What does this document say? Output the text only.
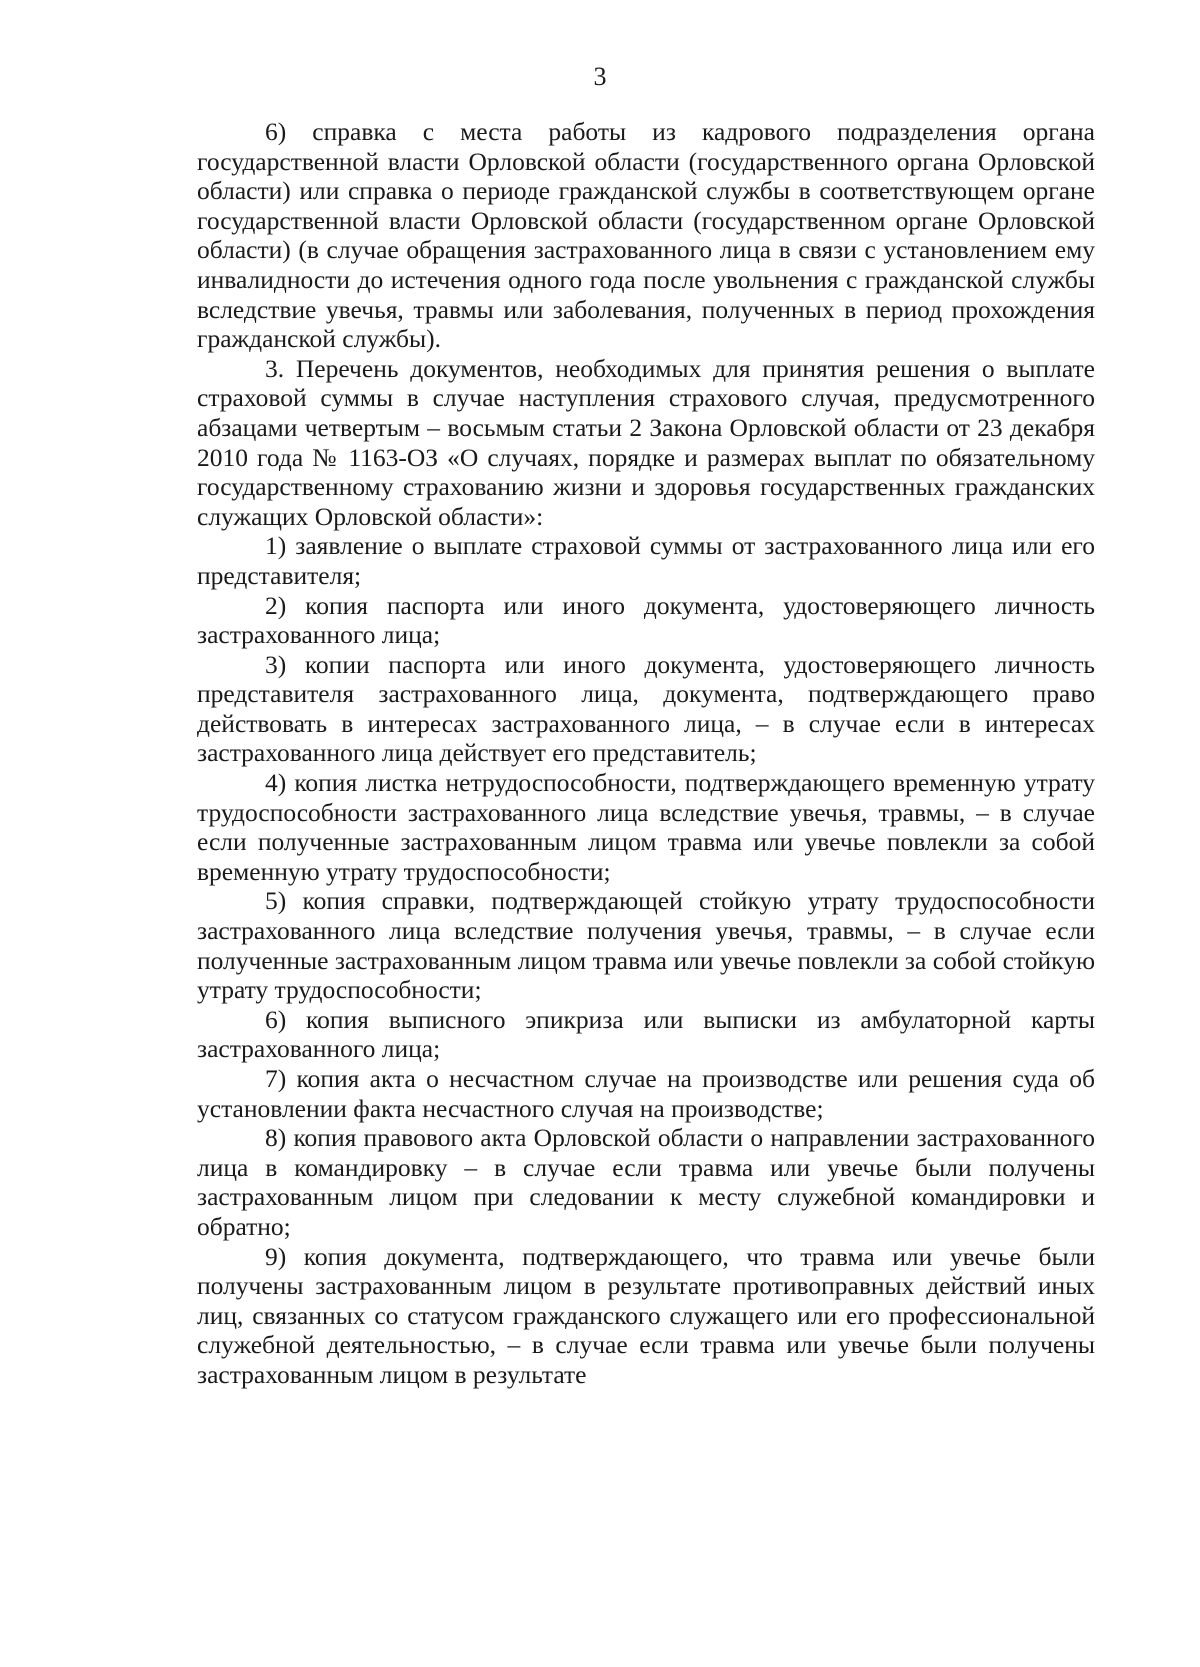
3

6) справка с места работы из кадрового подразделения органа государственной власти Орловской области (государственного органа Орловской области) или справка о периоде гражданской службы в соответствующем органе государственной власти Орловской области (государственном органе Орловской области) (в случае обращения застрахованного лица в связи с установлением ему инвалидности до истечения одного года после увольнения с гражданской службы вследствие увечья, травмы или заболевания, полученных в период прохождения гражданской службы).

3. Перечень документов, необходимых для принятия решения о выплате страховой суммы в случае наступления страхового случая, предусмотренного абзацами четвертым – восьмым статьи 2 Закона Орловской области от 23 декабря 2010 года № 1163-ОЗ «О случаях, порядке и размерах выплат по обязательному государственному страхованию жизни и здоровья государственных гражданских служащих Орловской области»:

1) заявление о выплате страховой суммы от застрахованного лица или его представителя;

2) копия паспорта или иного документа, удостоверяющего личность застрахованного лица;

3) копии паспорта или иного документа, удостоверяющего личность представителя застрахованного лица, документа, подтверждающего право действовать в интересах застрахованного лица, – в случае если в интересах застрахованного лица действует его представитель;

4) копия листка нетрудоспособности, подтверждающего временную утрату трудоспособности застрахованного лица вследствие увечья, травмы, – в случае если полученные застрахованным лицом травма или увечье повлекли за собой временную утрату трудоспособности;

5) копия справки, подтверждающей стойкую утрату трудоспособности застрахованного лица вследствие получения увечья, травмы, – в случае если полученные застрахованным лицом травма или увечье повлекли за собой стойкую утрату трудоспособности;

6) копия выписного эпикриза или выписки из амбулаторной карты застрахованного лица;

7) копия акта о несчастном случае на производстве или решения суда об установлении факта несчастного случая на производстве;

8) копия правового акта Орловской области о направлении застрахованного лица в командировку – в случае если травма или увечье были получены застрахованным лицом при следовании к месту служебной командировки и обратно;

9) копия документа, подтверждающего, что травма или увечье были получены застрахованным лицом в результате противоправных действий иных лиц, связанных со статусом гражданского служащего или его профессиональной служебной деятельностью, – в случае если травма или увечье были получены застрахованным лицом в результате
